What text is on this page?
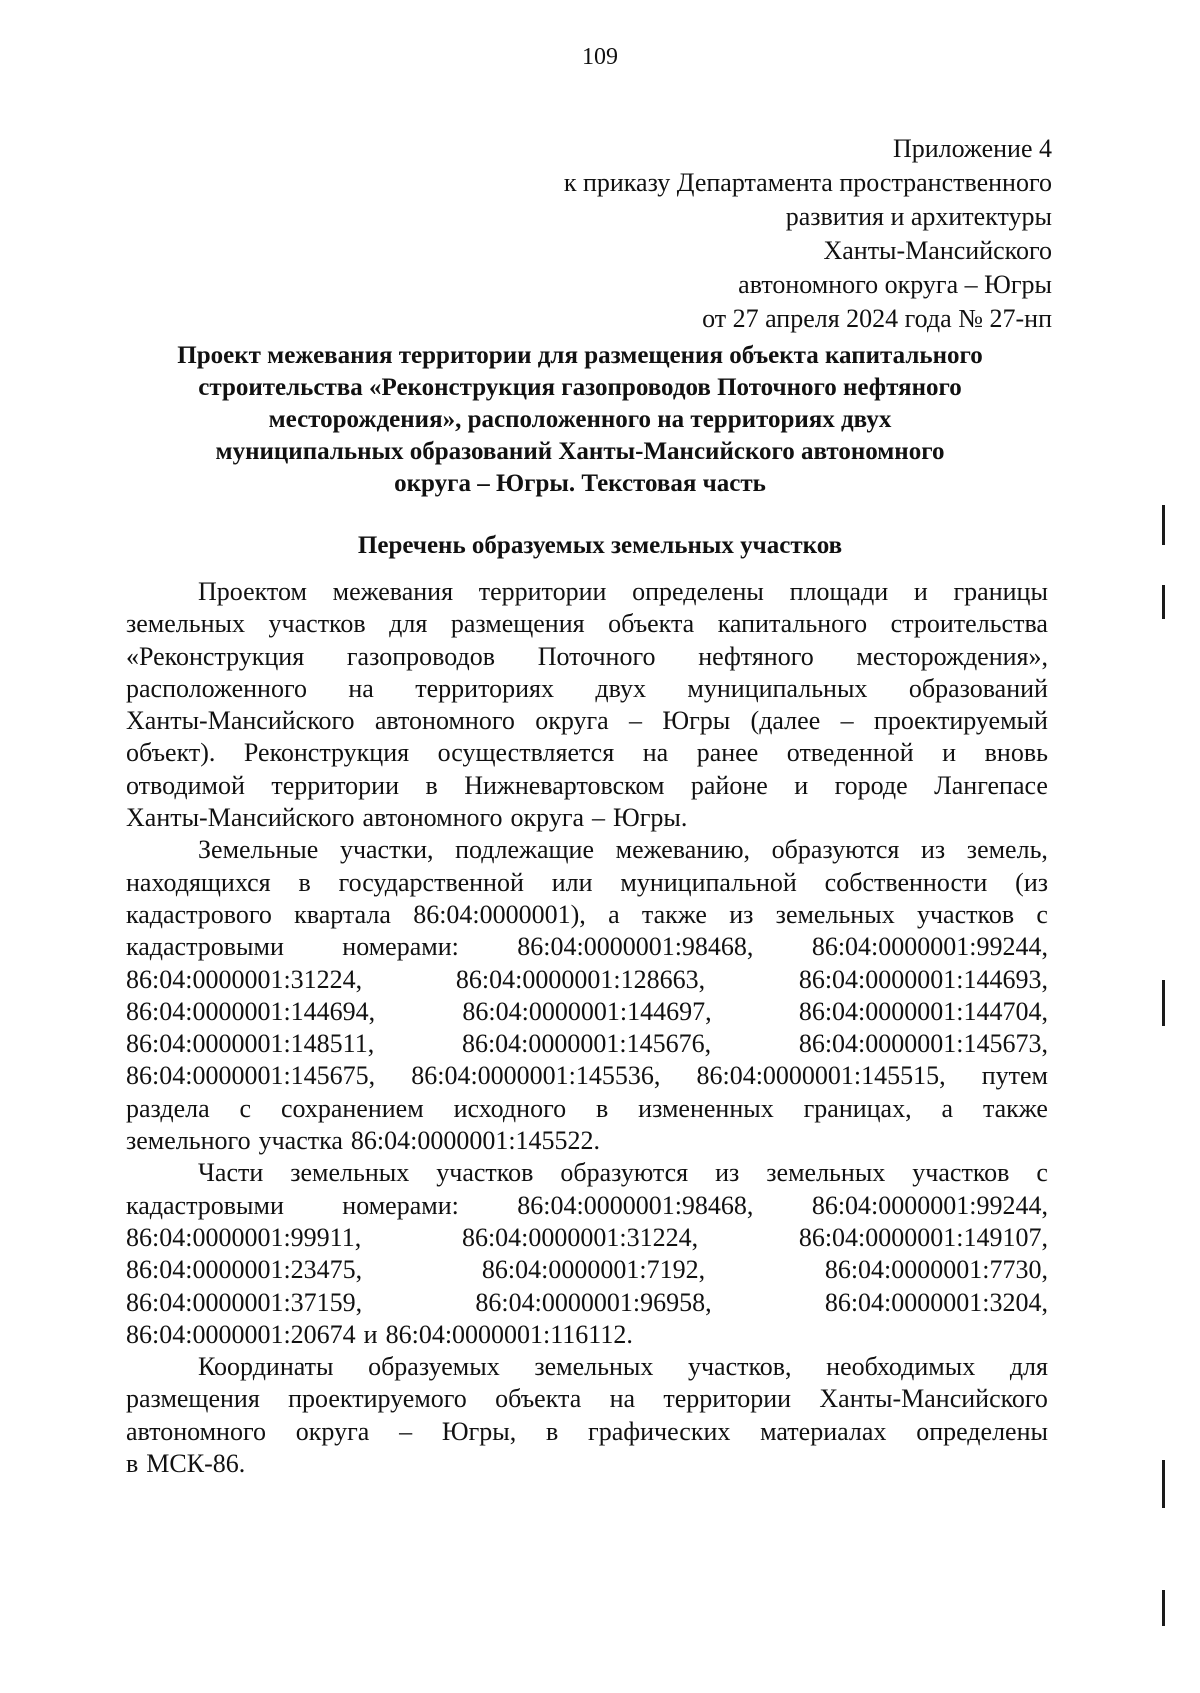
109
Приложение 4
к приказу Департамента пространственного
развития и архитектуры
Ханты-Мансийского
автономного округа – Югры
от 27 апреля 2024 года № 27-нп
Проект межевания территории для размещения объекта капитального
строительства «Реконструкция газопроводов Поточного нефтяного
месторождения», расположенного на территориях двух
муниципальных образований Ханты-Мансийского автономного
округа – Югры. Текстовая часть
Перечень образуемых земельных участков
Проектом межевания территории определены площади и границы
земельных участков для размещения объекта капитального строительства
«Реконструкция газопроводов Поточного нефтяного месторождения»,
расположенного на территориях двух муниципальных образований
Ханты-Мансийского автономного округа – Югры (далее – проектируемый
объект). Реконструкция осуществляется на ранее отведенной и вновь
отводимой территории в Нижневартовском районе и городе Лангепасе
Ханты-Мансийского автономного округа – Югры.
Земельные участки, подлежащие межеванию, образуются из земель,
находящихся в государственной или муниципальной собственности (из
кадастрового квартала 86:04:0000001), а также из земельных участков с
кадастровыми номерами: 86:04:0000001:98468, 86:04:0000001:99244,
86:04:0000001:31224,	86:04:0000001:128663,	86:04:0000001:144693,
86:04:0000001:144694,	86:04:0000001:144697,	86:04:0000001:144704,
86:04:0000001:148511,	86:04:0000001:145676,	86:04:0000001:145673,
86:04:0000001:145675, 86:04:0000001:145536, 86:04:0000001:145515, путем
раздела с сохранением исходного в измененных границах, а также
земельного участка 86:04:0000001:145522.
Части земельных участков образуются из земельных участков с
кадастровыми номерами: 86:04:0000001:98468, 86:04:0000001:99244,
86:04:0000001:99911,	86:04:0000001:31224,	86:04:0000001:149107,
86:04:0000001:23475,	86:04:0000001:7192,	86:04:0000001:7730,
86:04:0000001:37159,	86:04:0000001:96958,	86:04:0000001:3204,
86:04:0000001:20674 и 86:04:0000001:116112.
Координаты образуемых земельных участков, необходимых для
размещения проектируемого объекта на территории Ханты-Мансийского
автономного округа – Югры, в графических материалах определены
в МСК-86.
